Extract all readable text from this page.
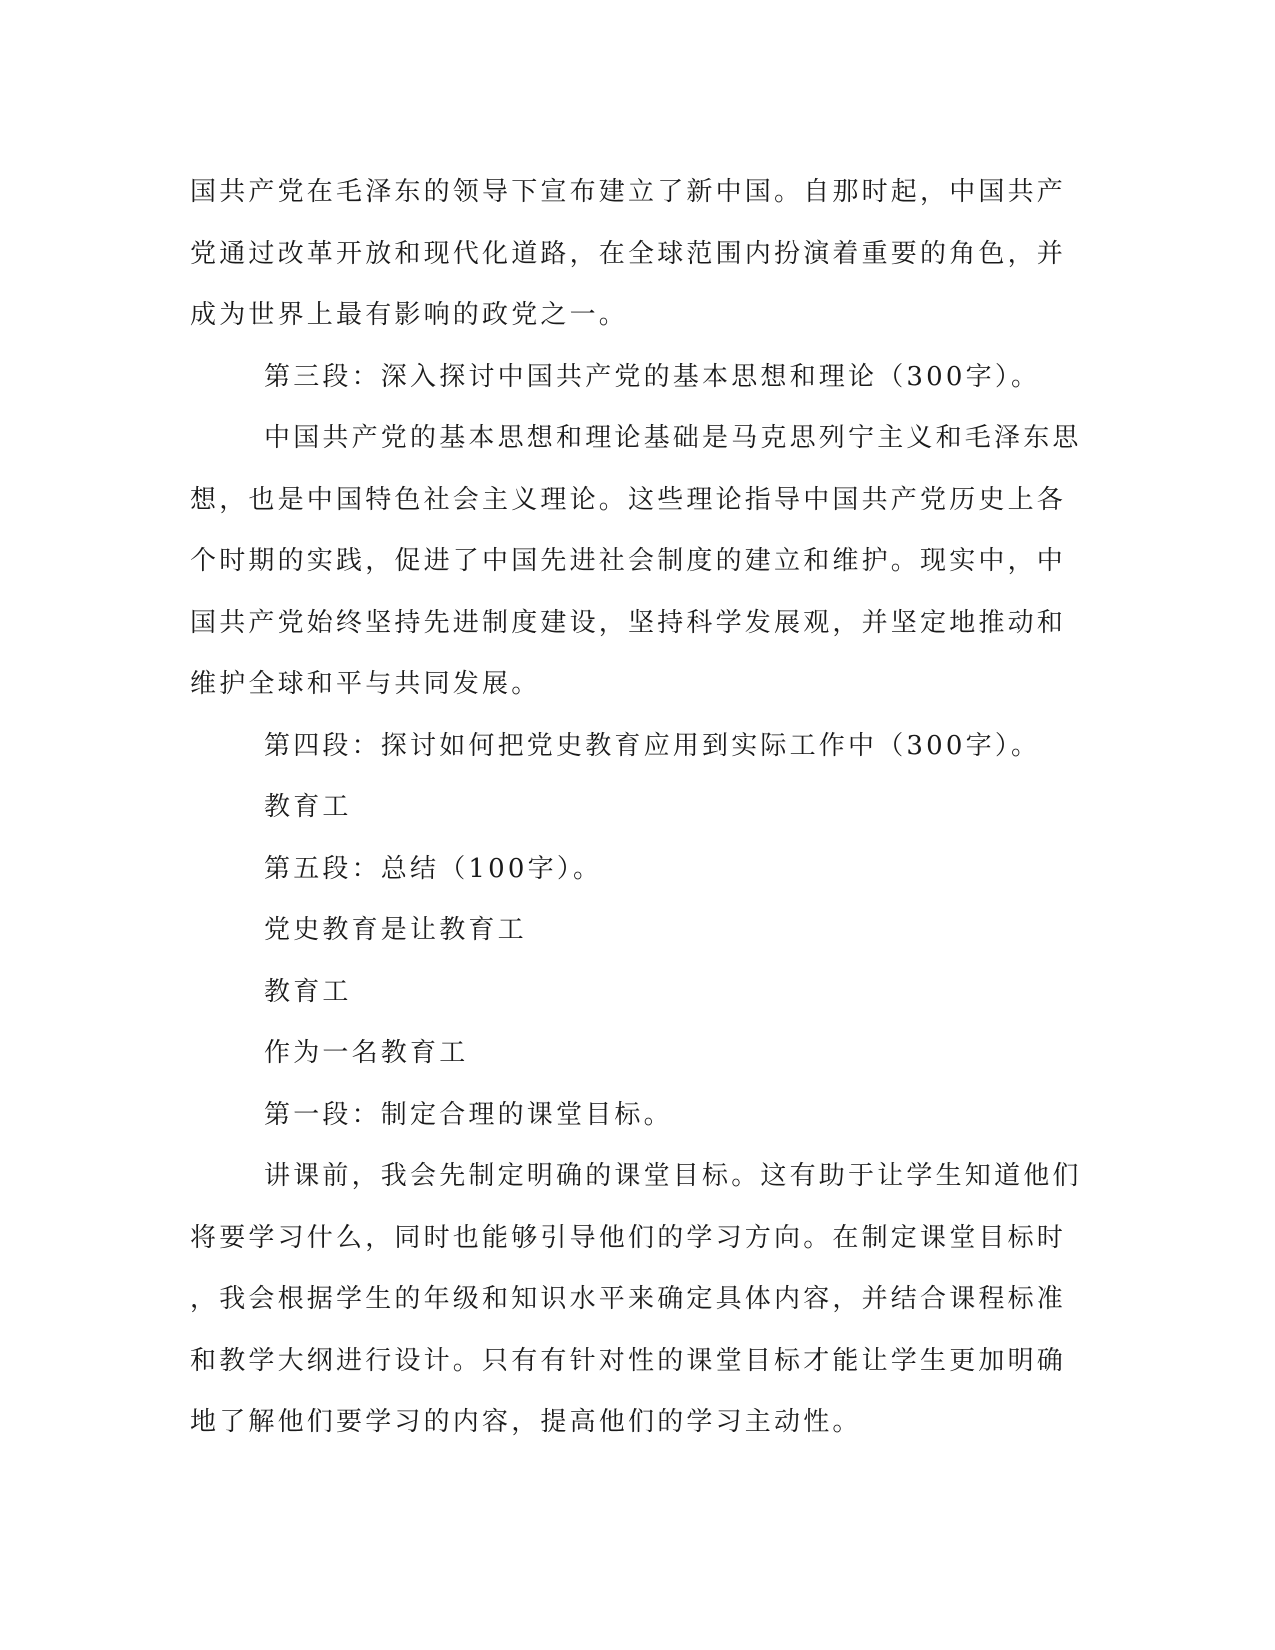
国共产党在毛泽东的领导下宣布建立了新中国。自那时起，中国共产
党通过改革开放和现代化道路，在全球范围内扮演着重要的角色，并
成为世界上最有影响的政党之一。
第三段：深入探讨中国共产党的基本思想和理论（300字）。
中国共产党的基本思想和理论基础是马克思列宁主义和毛泽东思
想，也是中国特色社会主义理论。这些理论指导中国共产党历史上各
个时期的实践，促进了中国先进社会制度的建立和维护。现实中，中
国共产党始终坚持先进制度建设，坚持科学发展观，并坚定地推动和
维护全球和平与共同发展。
第四段：探讨如何把党史教育应用到实际工作中（300字）。
教育工
第五段：总结（100字）。
党史教育是让教育工
教育工
作为一名教育工
第一段：制定合理的课堂目标。
讲课前，我会先制定明确的课堂目标。这有助于让学生知道他们
将要学习什么，同时也能够引导他们的学习方向。在制定课堂目标时
，我会根据学生的年级和知识水平来确定具体内容，并结合课程标准
和教学大纲进行设计。只有有针对性的课堂目标才能让学生更加明确
地了解他们要学习的内容，提高他们的学习主动性。
